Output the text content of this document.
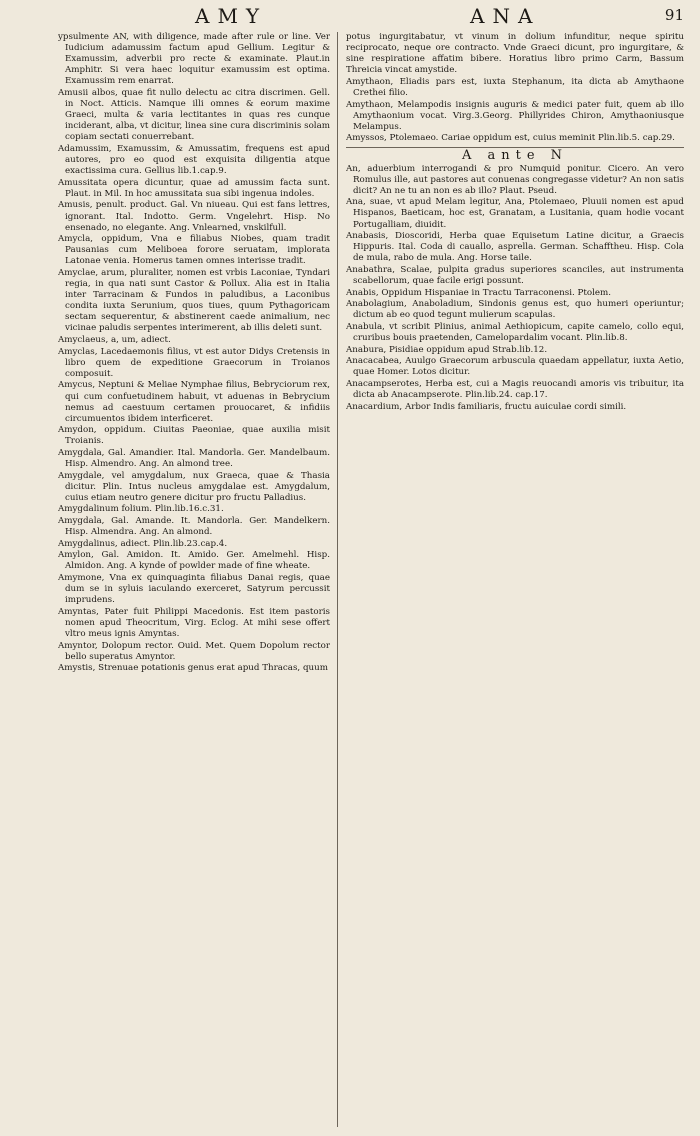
AMY	ANA	91

ypsulmente AN, with diligence, made after rule or line. Ver Iudicium adamussim factum apud Gellium. Legitur & Examussim, adverbii pro recte & examinate. Plaut.in Amphitr. Si vera haec loquitur examussim est optima. Examussim rem enarrat.

Amusii albos, quae fit nullo delectu ac citra discrimen. Gell. in Noct. Atticis. Namque illi omnes & eorum maxime Graeci, multa & varia lectitantes in quas res cunque inciderant, alba, vt dicitur, linea sine cura discriminis solam copiam sectati conuerrebant.

Adamussim, Examussim, & Amussatim, frequens est apud autores, pro eo quod est exquisita diligentia atque exactissima cura. Gellius lib.1.cap.9.

Amussitata opera dicuntur, quae ad amussim facta sunt. Plaut. in Mil. In hoc amussitata sua sibi ingenua indoles.

Amusis, penult. product. Gal. Vn niueau. Qui est fans lettres, ignorant. Ital. Indotto. Germ. Vngelehrt. Hisp. No ensenado, no elegante. Ang. Vnlearned, vnskilfull.

Amycla, oppidum, Vna e filiabus Niobes, quam tradit Pausanias cum Meliboea forore seruatam, implorata Latonae venia. Homerus tamen omnes interisse tradit.

Amyclae, arum, pluraliter, nomen est vrbis Laconiae, Tyndari regia, in qua nati sunt Castor & Pollux. Alia est in Italia inter Tarracinam & Fundos in paludibus, a Laconibus condita iuxta Serunium, quos tiues, quum Pythagoricam sectam sequerentur, & abstinerent caede animalium, nec vicinae paludis serpentes interimerent, ab illis deleti sunt.

Amyclaeus, a, um, adiect.

Amyclas, Lacedaemonis filius, vt est autor Didys Cretensis in libro quem de expeditione Graecorum in Troianos composuit.

Amycus, Neptuni & Meliae Nymphae filius, Bebryciorum rex, qui cum confuetudinem habuit, vt aduenas in Bebrycium nemus ad caestuum certamen prouocaret, & infidiis circumuentos ibidem interficeret.

Amydon, oppidum. Ciuitas Paeoniae, quae auxilia misit Troianis.

Amygdala, Gal. Amandier. Ital. Mandorla. Ger. Mandelbaum. Hisp. Almendro. Ang. An almond tree.

Amygdale, vel amygdalum, nux Graeca, quae & Thasia dicitur. Plin. Intus nucleus amygdalae est. Amygdalum, cuius etiam neutro genere dicitur pro fructu Palladius.

Amygdalinum folium. Plin.lib.16.c.31.

Amygdala, Gal. Amande. It. Mandorla. Ger. Mandelkern. Hisp. Almendra. Ang. An almond.

Amygdalinus, adiect. Plin.lib.23.cap.4.

Amylon, Gal. Amidon. It. Amido. Ger. Amelmehl. Hisp. Almidon. Ang. A kynde of powlder made of fine wheate.

Amymone, Vna ex quinquaginta filiabus Danai regis, quae dum se in syluis iaculando exerceret, Satyrum percussit imprudens.

Amyntas, Pater fuit Philippi Macedonis. Est item pastoris nomen apud Theocritum, Virg. Eclog. At mihi sese offert vltro meus ignis Amyntas.

Amyntor, Dolopum rector. Ouid. Met. Quem Dopolum rector bello superatus Amyntor.

Amystis, Strenuae potationis genus erat apud Thracas, quum

potus ingurgitabatur, vt vinum in dolium infunditur, neque spiritu reciprocato, neque ore contracto. Vnde Graeci dicunt, pro ingurgitare, & sine respiratione affatim bibere. Horatius libro primo Carm, Bassum Threicia vincat amystide.

Amythaon, Eliadis pars est, iuxta Stephanum, ita dicta ab Amythaone Crethei filio.

Amythaon, Melampodis insignis auguris & medici pater fuit, quem ab illo Amythaonium vocat. Virg.3.Georg. Phillyrides Chiron, Amythaoniusque Melampus.

Amyssos, Ptolemaeo. Cariae oppidum est, cuius meminit Plin.lib.5. cap.29.

A ante N

An, aduerbium interrogandi & pro Numquid ponitur. Cicero. An vero Romulus ille, aut pastores aut conuenas congregasse videtur? An non satis dicit? An ne tu an non es ab illo? Plaut. Pseud.

Ana, suae, vt apud Melam legitur, Ana, Ptolemaeo, Pluuii nomen est apud Hispanos, Baeticam, hoc est, Granatam, a Lusitania, quam hodie vocant Portugalliam, diuidit.

Anabasis, Dioscoridi, Herba quae Equisetum Latine dicitur, a Graecis Hippuris. Ital. Coda di cauallo, asprella. German. Schafftheu. Hisp. Cola de mula, rabo de mula. Ang. Horse taile.

Anabathra, Scalae, pulpita gradus superiores scanciles, aut instrumenta scabellorum, quae facile erigi possunt.

Anabis, Oppidum Hispaniae in Tractu Tarraconensi. Ptolem.

Anabolagium, Anaboladium, Sindonis genus est, quo humeri operiuntur; dictum ab eo quod tegunt mulierum scapulas.

Anabula, vt scribit Plinius, animal Aethiopicum, capite camelo, collo equi, cruribus bouis praetenden, Camelopardalim vocant. Plin.lib.8.

Anabura, Pisidiae oppidum apud Strab.lib.12.

Anacacabea, Auulgo Graecorum arbuscula quaedam appellatur, iuxta Aetio, quae Homer. Lotos dicitur.

Anacampserotes, Herba est, cui a Magis reuocandi amoris vis tribuitur, ita dicta ab Anacampserote. Plin.lib.24. cap.17.

Anacardium, Arbor Indis familiaris, fructu auiculae cordi simili.
